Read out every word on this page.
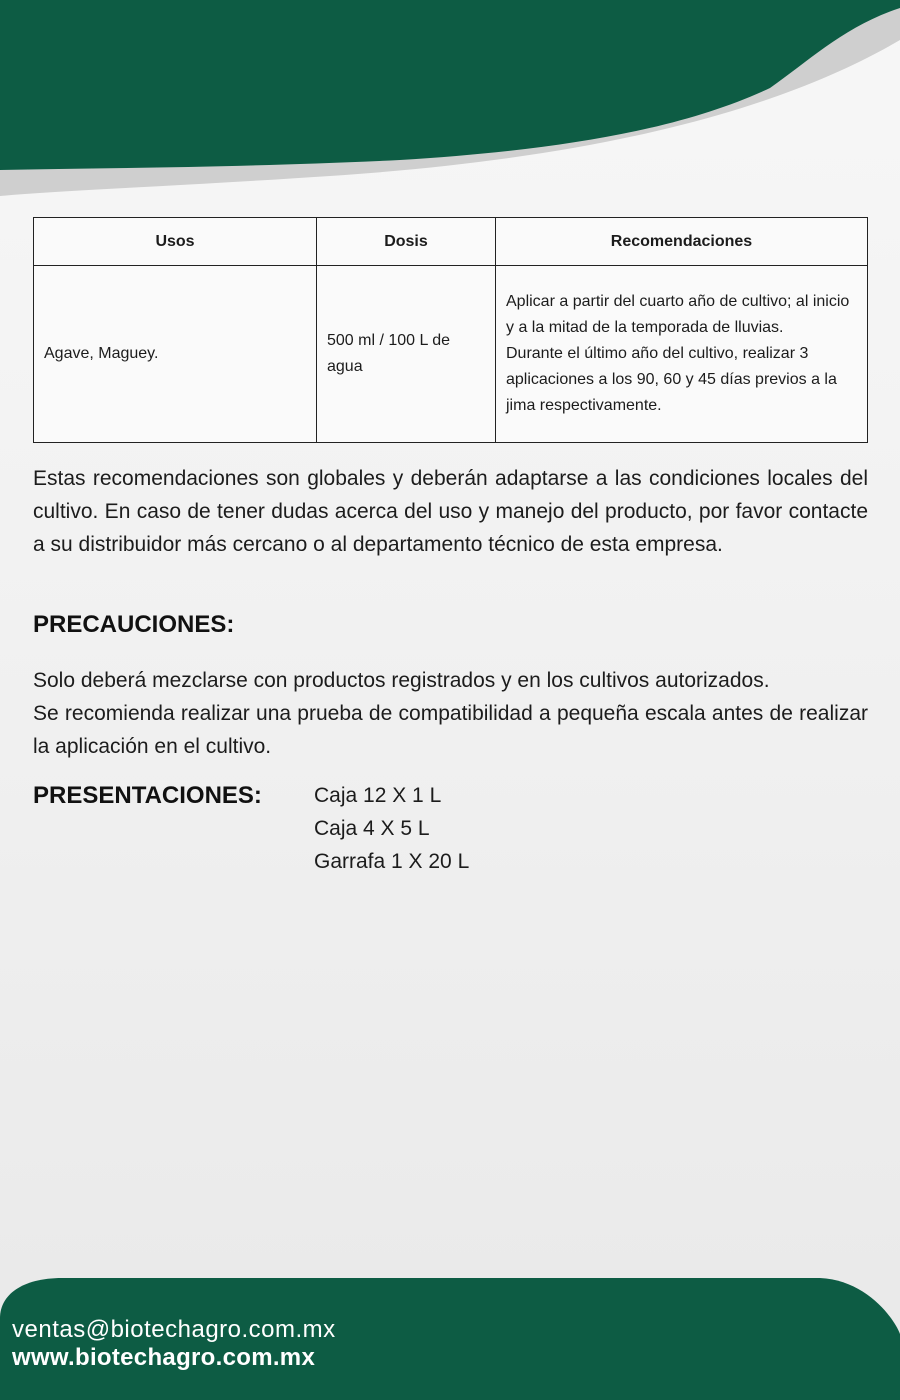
Usos	Dosis	Recomendaciones
Agave, Maguey.	500 ml / 100 L de agua	Aplicar a partir del cuarto año de cultivo; al inicio y a la mitad de la temporada de lluvias.
Durante el último año del cultivo, realizar 3 aplicaciones a los 90, 60 y 45 días previos a la jima respectivamente.

Estas recomendaciones son globales y deberán adaptarse a las condiciones locales del cultivo. En caso de tener dudas acerca del uso y manejo del producto, por favor contacte a su distribuidor más cercano o al departamento técnico de esta empresa.

PRECAUCIONES:

Solo deberá mezclarse con productos registrados y en los cultivos autorizados.

Se recomienda realizar una prueba de compatibilidad a pequeña escala antes de realizar la aplicación en el cultivo.

PRESENTACIONES: Caja 12 X 1 L
Caja 4 X 5 L
Garrafa 1 X 20 L
ventas@biotechagro.com.mx
www.biotechagro.com.mx
